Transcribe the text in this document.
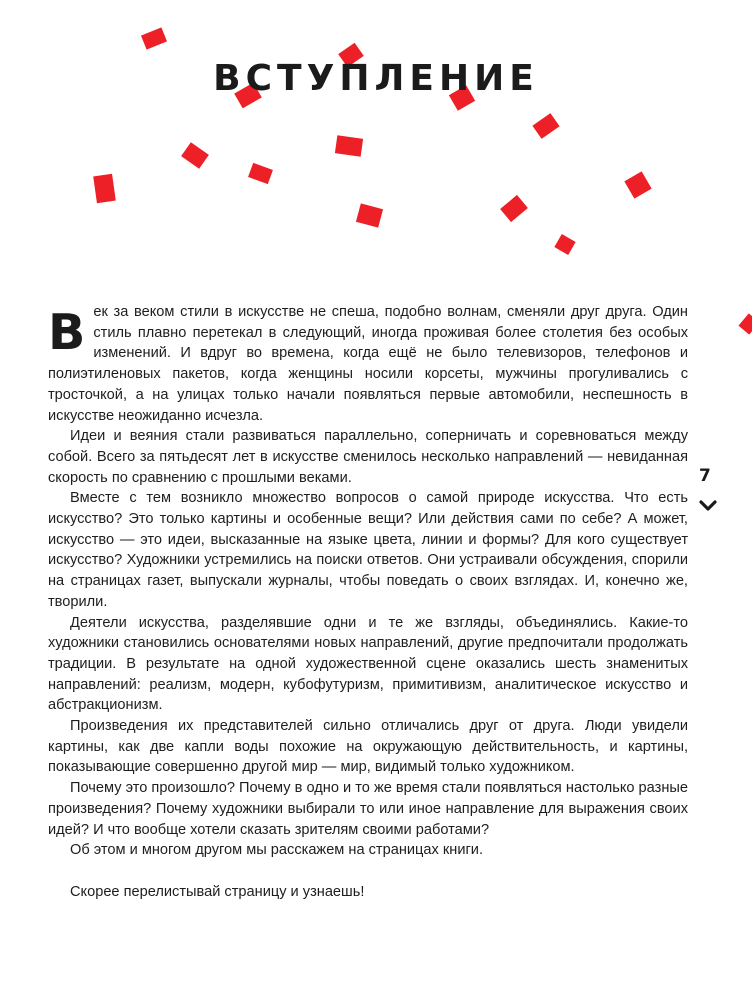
ВСТУПЛЕНИЕ

Век за веком стили в искусстве не спеша, подобно волнам, сменяли друг друга. Один стиль плавно перетекал в следующий, иногда проживая более столетия без особых изменений. И вдруг во времена, когда ещё не было телевизоров, телефонов и полиэтиленовых пакетов, когда женщины носили корсеты, мужчины прогуливались с тросточкой, а на улицах только начали появляться первые автомобили, неспешность в искусстве неожиданно исчезла.

Идеи и веяния стали развиваться параллельно, соперничать и соревноваться между собой. Всего за пятьдесят лет в искусстве сменилось несколько направлений — невиданная скорость по сравнению с прошлыми веками.

Вместе с тем возникло множество вопросов о самой природе искусства. Что есть искусство? Это только картины и особенные вещи? Или действия сами по себе? А может, искусство — это идеи, высказанные на языке цвета, линии и формы? Для кого существует искусство? Художники устремились на поиски ответов. Они устраивали обсуждения, спорили на страницах газет, выпускали журналы, чтобы поведать о своих взглядах. И, конечно же, творили.

Деятели искусства, разделявшие одни и те же взгляды, объединялись. Какие-то художники становились основателями новых направлений, другие предпочитали продолжать традиции. В результате на одной художественной сцене оказались шесть знаменитых направлений: реализм, модерн, кубофутуризм, примитивизм, аналитическое искусство и абстракционизм.

Произведения их представителей сильно отличались друг от друга. Люди увидели картины, как две капли воды похожие на окружающую действительность, и картины, показывающие совершенно другой мир — мир, видимый только художником.

Почему это произошло? Почему в одно и то же время стали появляться настолько разные произведения? Почему художники выбирали то или иное направление для выражения своих идей? И что вообще хотели сказать зрителям своими работами?

Об этом и многом другом мы расскажем на страницах книги.

Скорее перелистывай страницу и узнаешь!

7
